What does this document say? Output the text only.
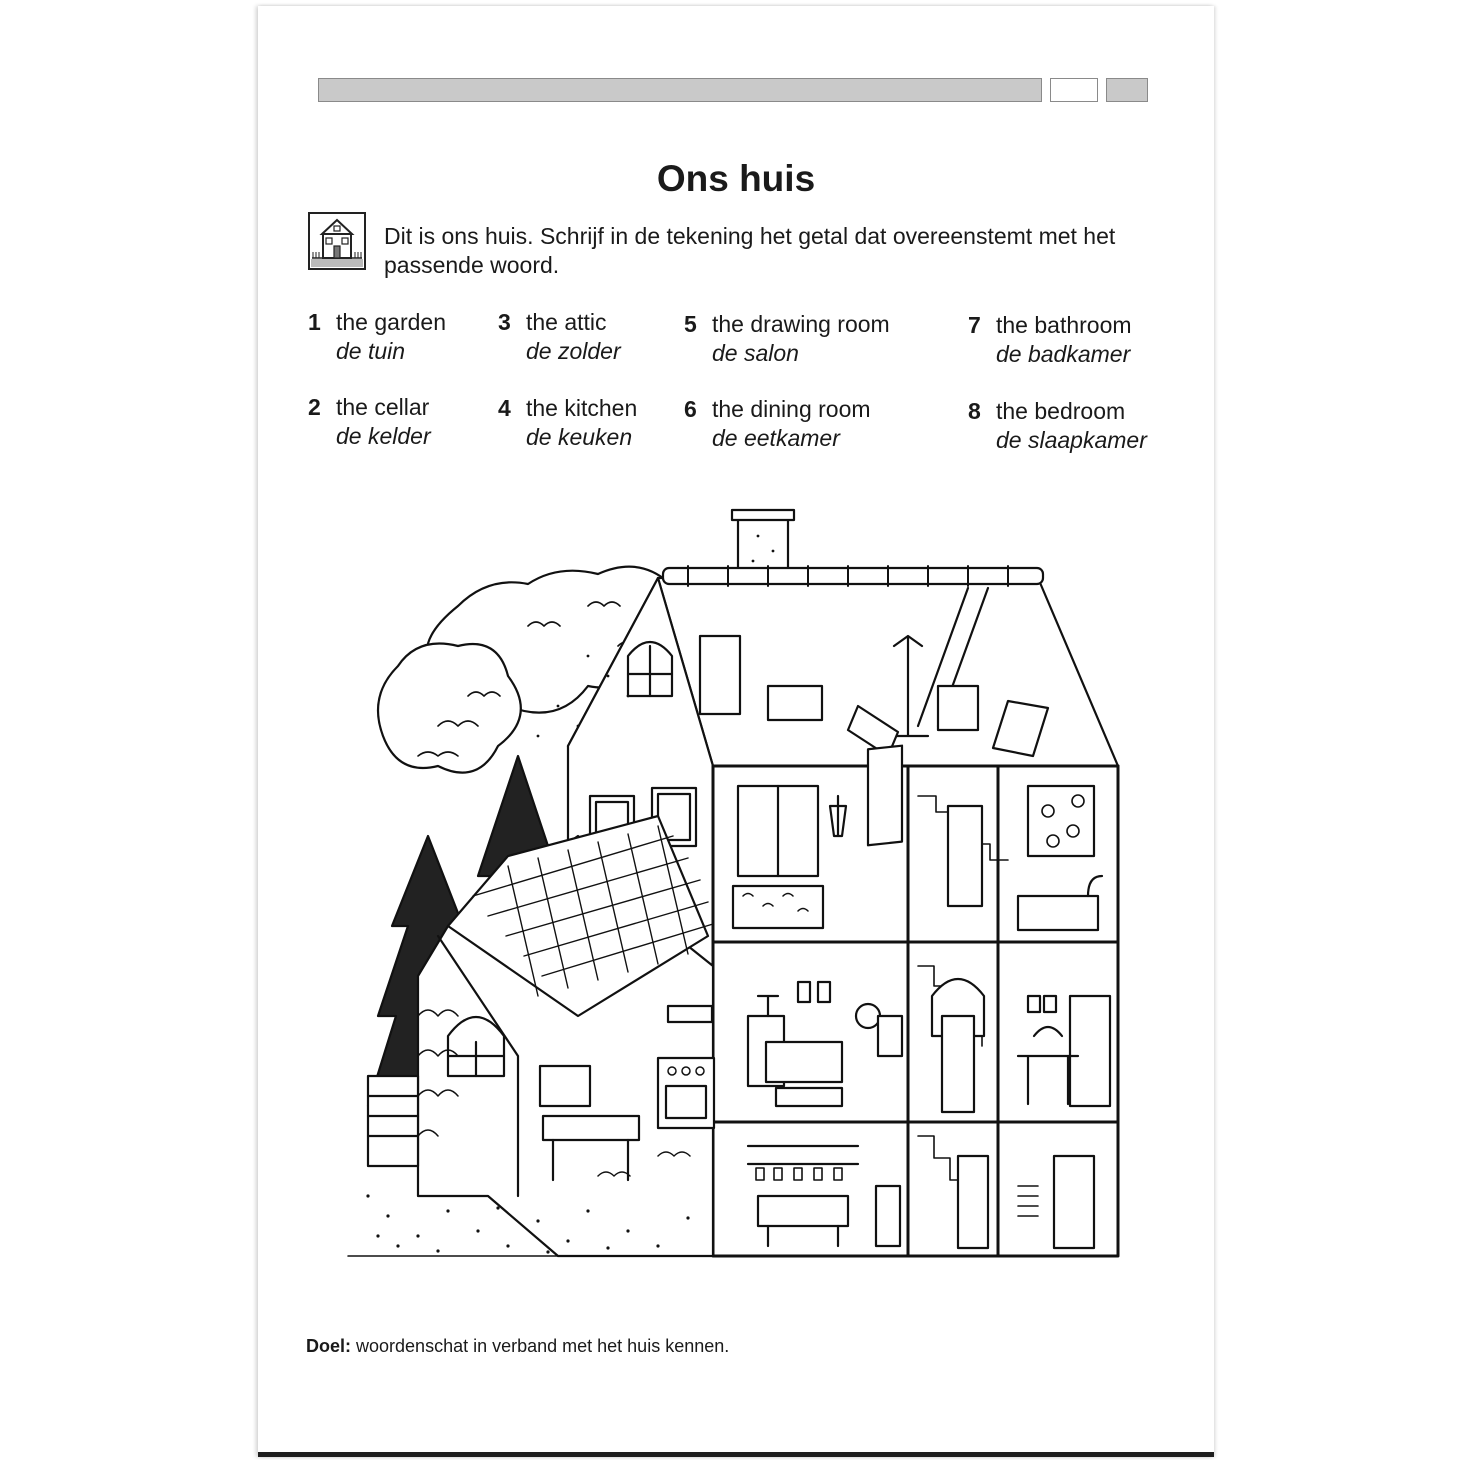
Ons huis
Dit is ons huis. Schrijf in de tekening het getal dat overeenstemt met het passende woord.
1 the garden
de tuin
2 the cellar
de kelder
3 the attic
de zolder
4 the kitchen
de keuken
5 the drawing room
de salon
6 the dining room
de eetkamer
7 the bathroom
de badkamer
8 the bedroom
de slaapkamer
Doel: woordenschat in verband met het huis kennen.
